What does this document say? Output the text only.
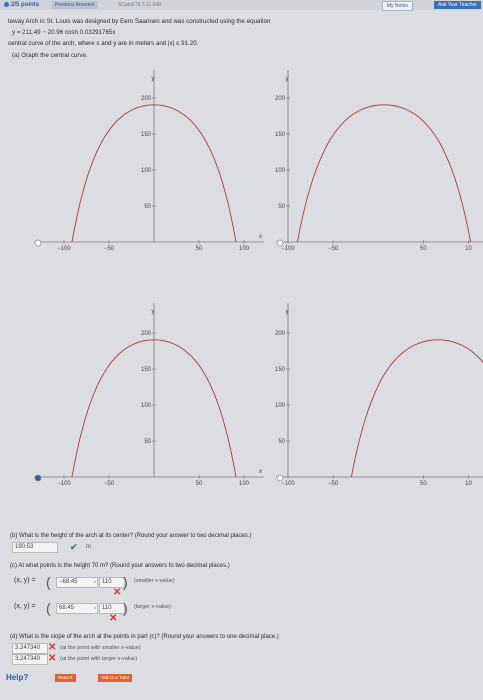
2/5 points	Previous Answers	SCalcET8 3.11.048	My Notes	Ask Your Teacher
teway Arch in St. Louis was designed by Eero Saarinen and was constructed using the equation
y = 211.49 − 20.96 cosh 0.03291765x
central curve of the arch, where x and y are in meters and |x| ≤ 91.20.
(a) Graph the central curve.
y
x
50
100
150
200
−100	−50	50	100
y
50
100
150
200
−100	−50	50	10
y
x
50
100
150
200
−100	−50	50	100
y
50
100
150
200
−100	−50	50	10
(b) What is the height of the arch at its center? (Round your answer to two decimal places.)
190.53	✔ m
(c) At what points is the height 70 m? (Round your answers to two decimal places.)
(x, y) = (	−68.45	,	110 )
✕
(smaller x-value)
(x, y) = (	68.45	,	110 )
✕
(larger x-value)
(d) What is the slope of the arch at the points in part (c)? (Round your answers to one decimal place.)
3.247340 ✕ (at the point with smaller x-value)
3.247340 ✕ (at the point with larger x-value)
Help?	Read It	Talk to a Tutor
